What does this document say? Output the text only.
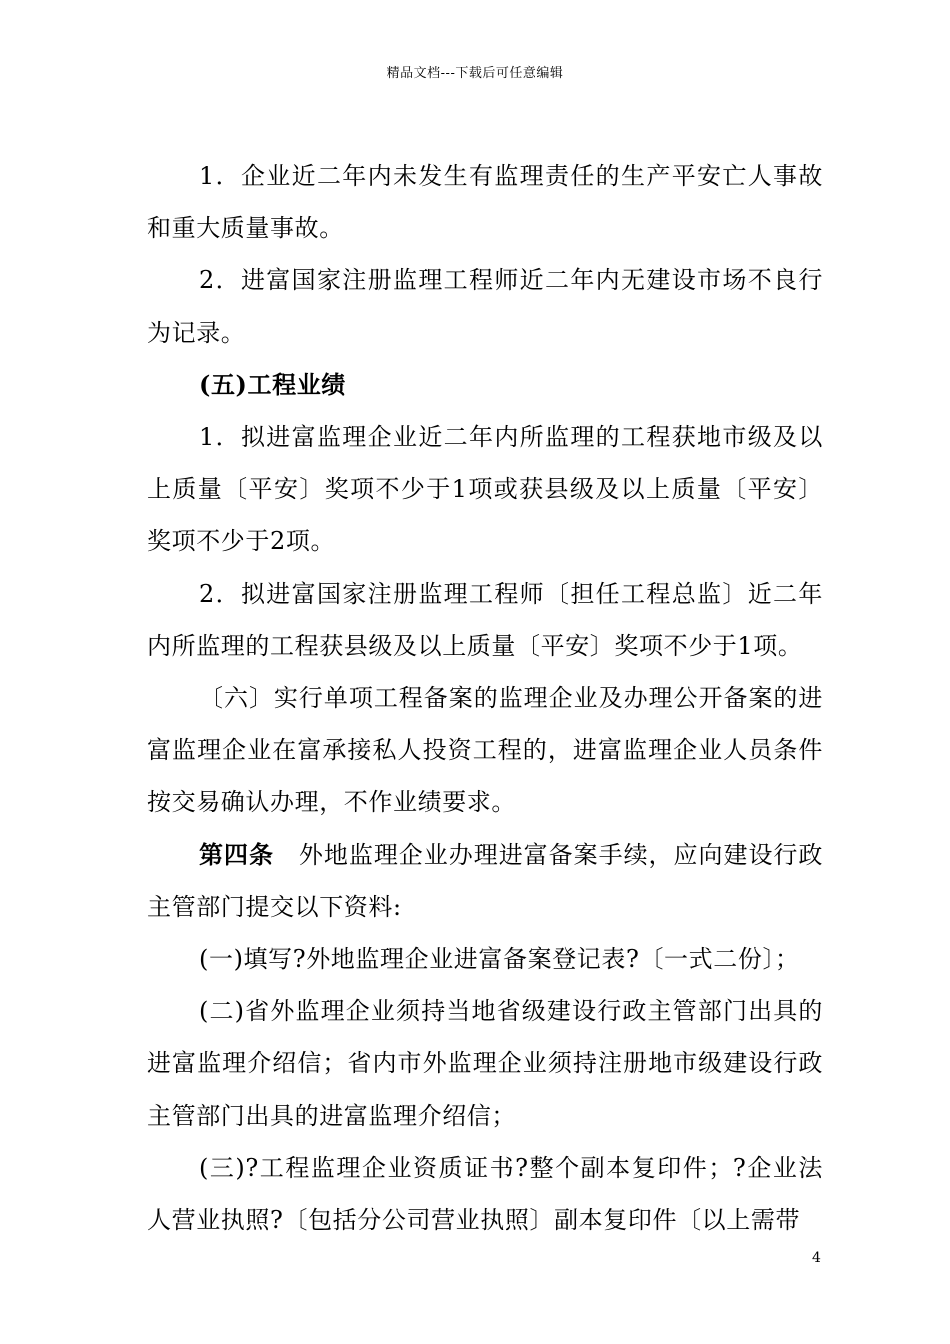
精品文档---下载后可任意编辑

1．企业近二年内未发生有监理责任的生产平安亡人事故和重大质量事故。

2．进富国家注册监理工程师近二年内无建设市场不良行为记录。

(五)工程业绩

1．拟进富监理企业近二年内所监理的工程获地市级及以上质量〔平安〕奖项不少于1项或获县级及以上质量〔平安〕奖项不少于2项。

2．拟进富国家注册监理工程师〔担任工程总监〕近二年内所监理的工程获县级及以上质量〔平安〕奖项不少于1项。

〔六〕实行单项工程备案的监理企业及办理公开备案的进富监理企业在富承接私人投资工程的，进富监理企业人员条件按交易确认办理，不作业绩要求。

第四条　外地监理企业办理进富备案手续，应向建设行政主管部门提交以下资料:

(一)填写?外地监理企业进富备案登记表?〔一式二份〕；

(二)省外监理企业须持当地省级建设行政主管部门出具的进富监理介绍信；省内市外监理企业须持注册地市级建设行政主管部门出具的进富监理介绍信；

(三)?工程监理企业资质证书?整个副本复印件；?企业法人营业执照?〔包括分公司营业执照〕副本复印件〔以上需带

4
